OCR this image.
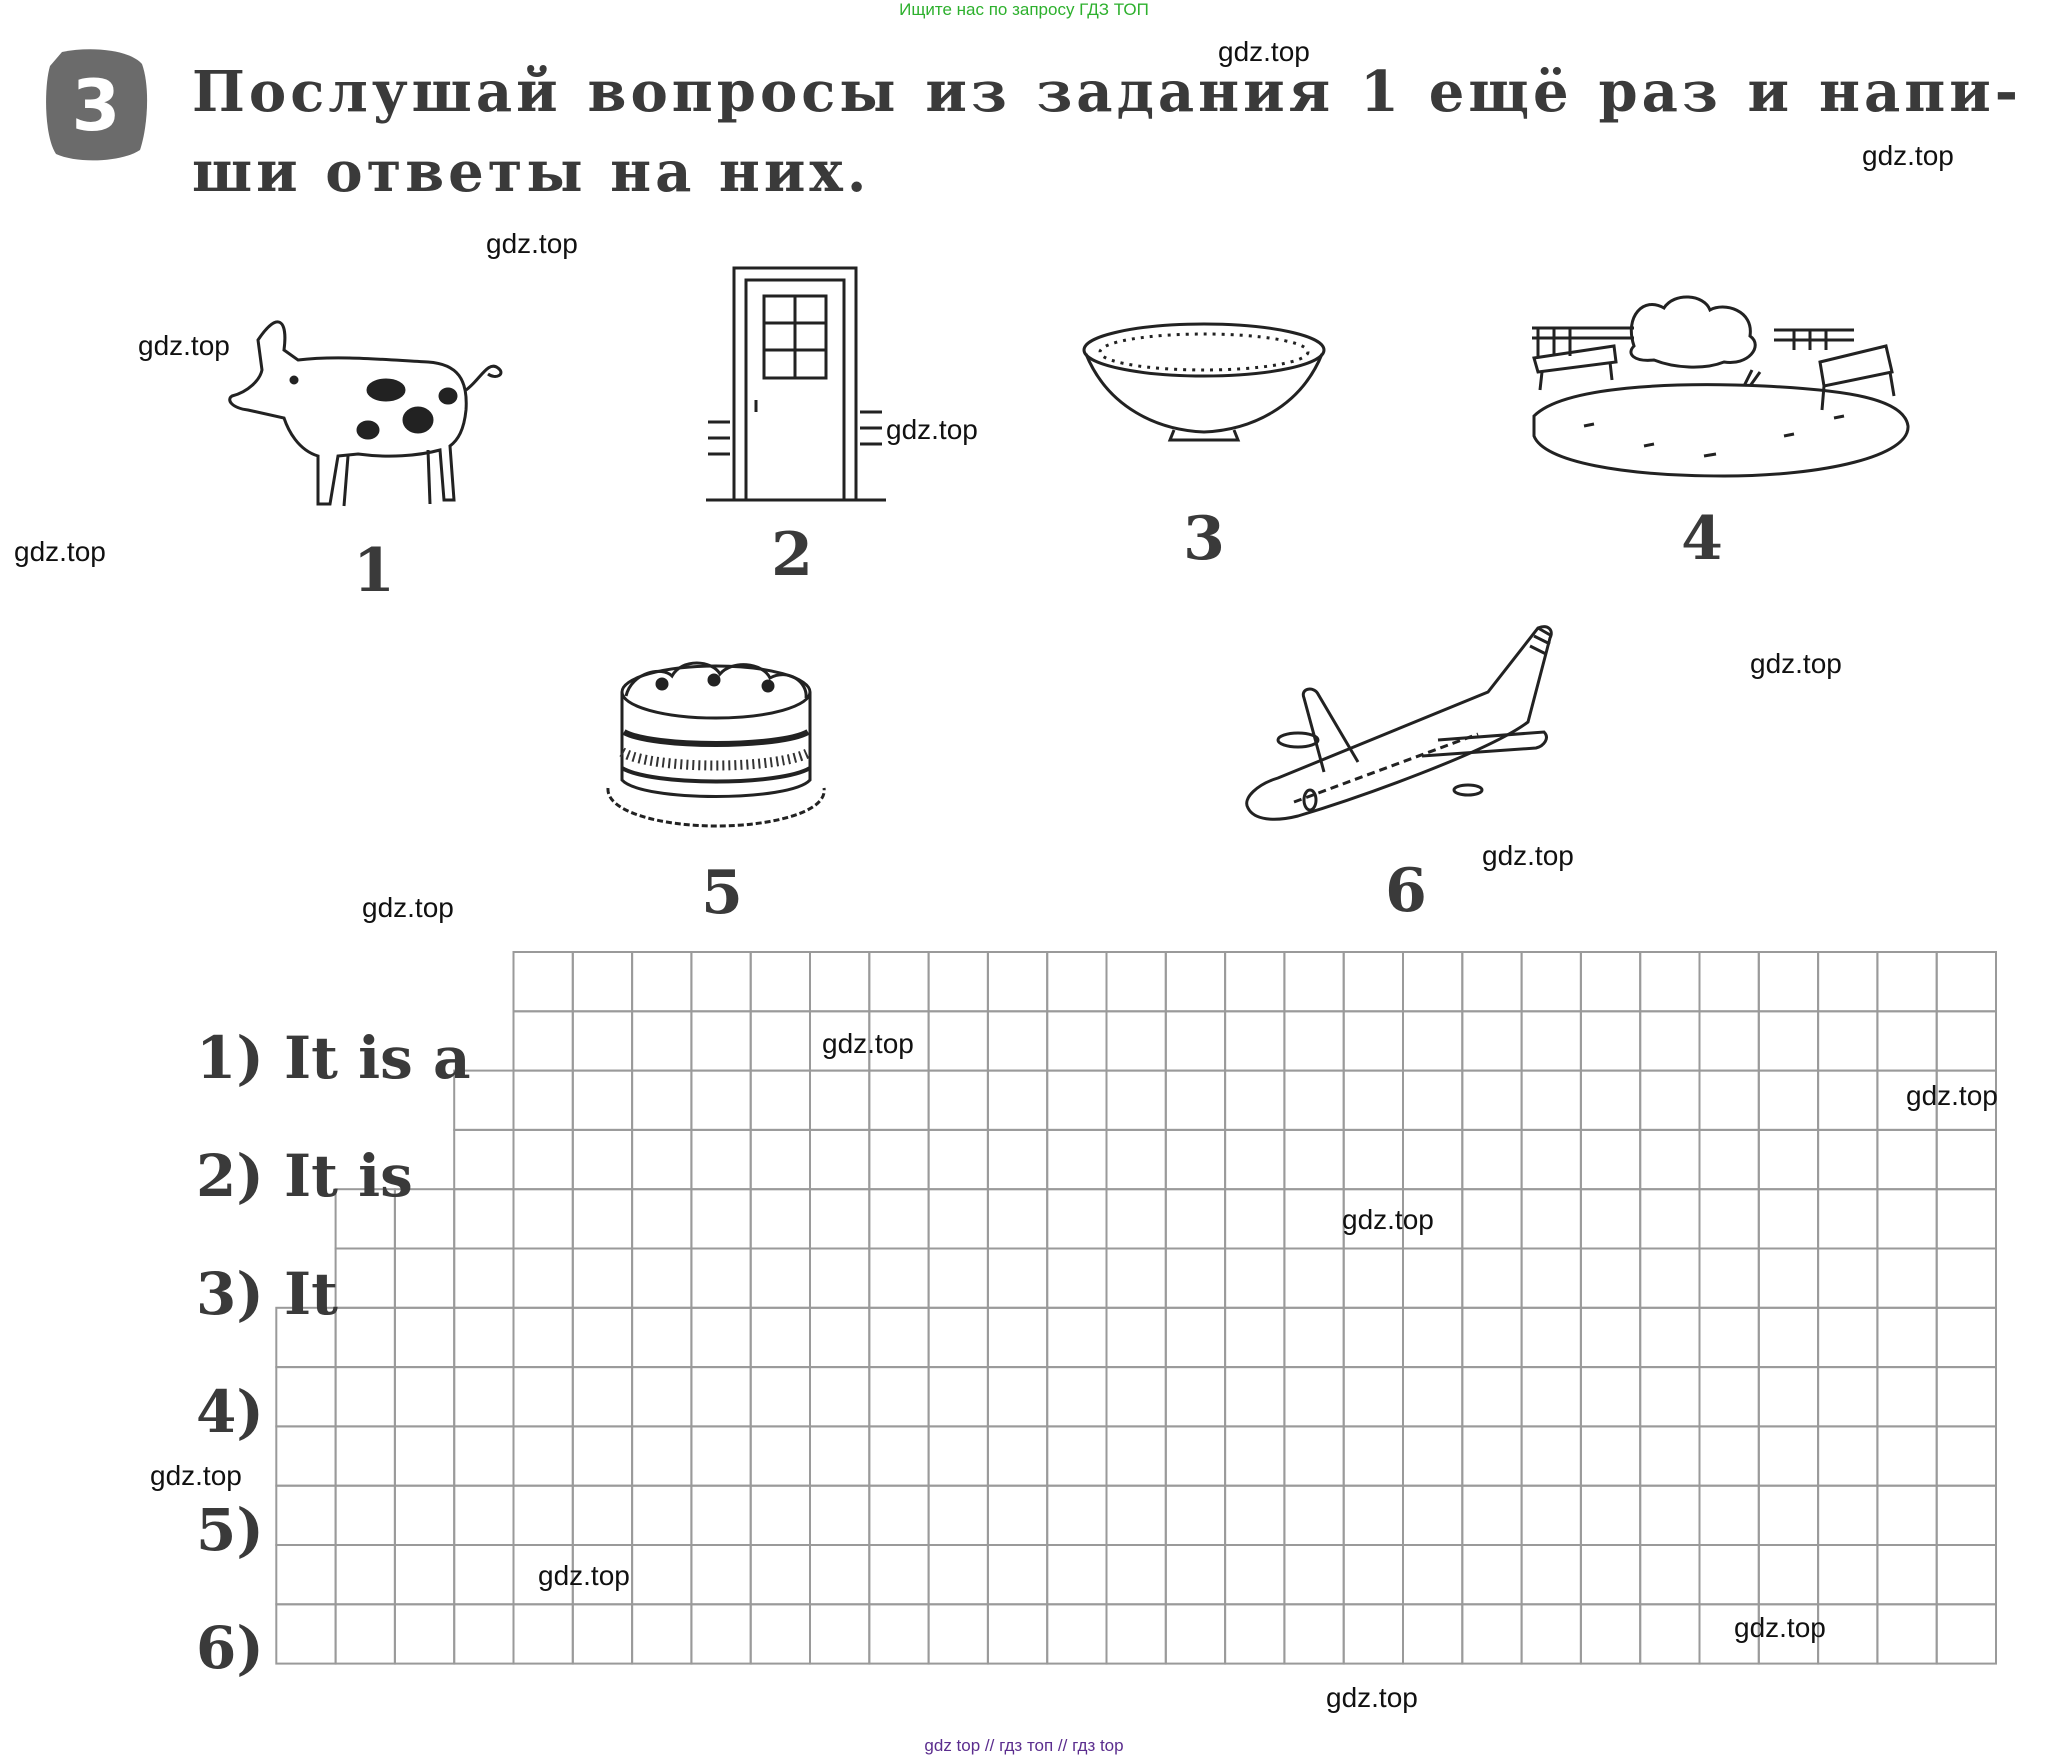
Ищите нас по запросу ГДЗ ТОП
3 Послушай вопросы из задания 1 ещё раз и напи-
ши ответы на них.
1	2	3	4
5	6
1) It is a
2) It is
3) It
4)
5)
6)
gdz.top
gdz.top
gdz.top
gdz.top
gdz.top
gdz.top
gdz.top
gdz.top
gdz.top
gdz.top
gdz.top
gdz.top
gdz.top
gdz.top
gdz.top
gdz.top
gdz top // гдз топ // гдз top
